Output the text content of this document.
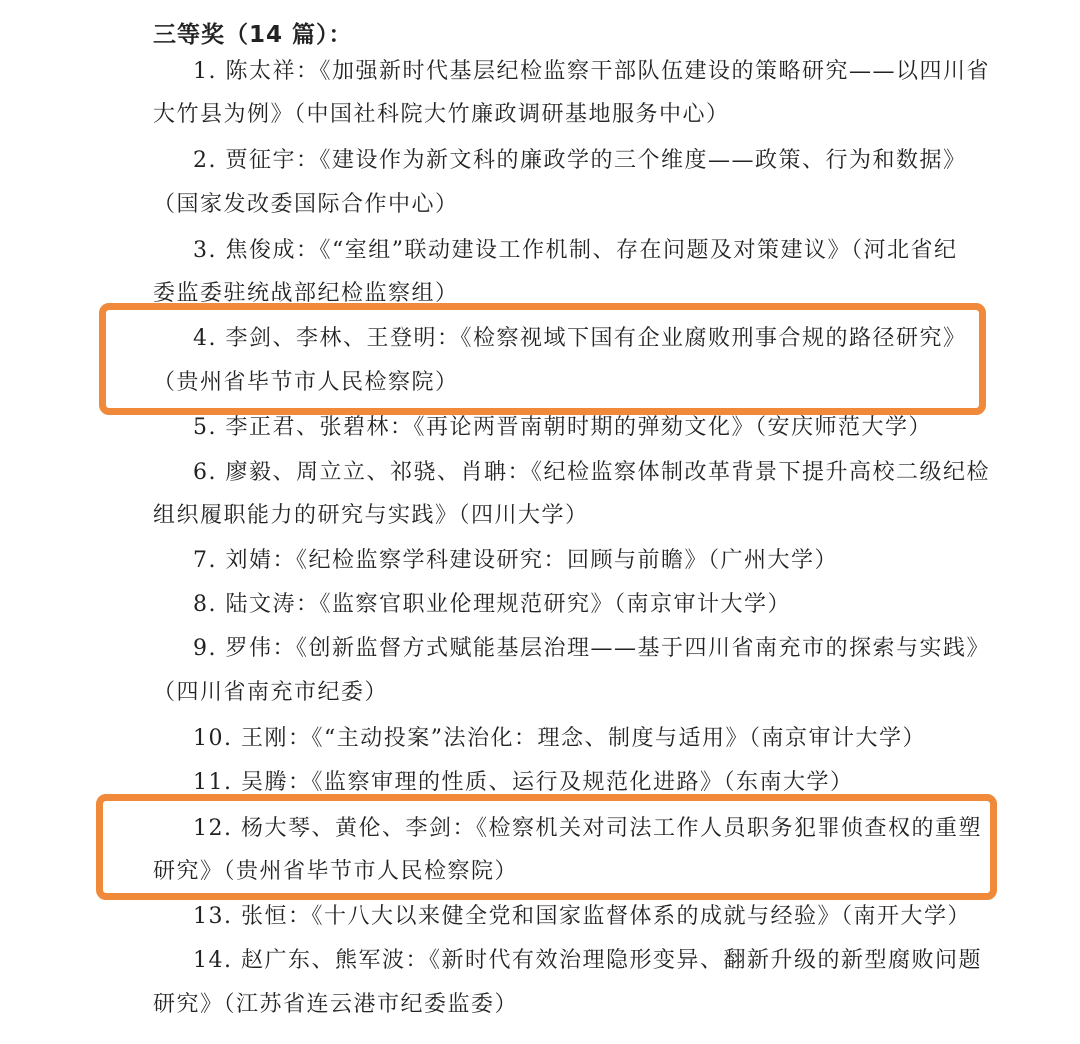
三等奖（14 篇）：
1. 陈太祥：《加强新时代基层纪检监察干部队伍建设的策略研究——以四川省
大竹县为例》（中国社科院大竹廉政调研基地服务中心）
2. 贾征宇：《建设作为新文科的廉政学的三个维度——政策、行为和数据》
（国家发改委国际合作中心）
3. 焦俊成：《“室组”联动建设工作机制、存在问题及对策建议》（河北省纪
委监委驻统战部纪检监察组）
4. 李剑、李林、王登明：《检察视域下国有企业腐败刑事合规的路径研究》
（贵州省毕节市人民检察院）
5. 李正君、张碧林：《再论两晋南朝时期的弹劾文化》（安庆师范大学）
6. 廖毅、周立立、祁骁、肖聃：《纪检监察体制改革背景下提升高校二级纪检
组织履职能力的研究与实践》（四川大学）
7. 刘婧：《纪检监察学科建设研究：回顾与前瞻》（广州大学）
8. 陆文涛：《监察官职业伦理规范研究》（南京审计大学）
9. 罗伟：《创新监督方式赋能基层治理——基于四川省南充市的探索与实践》
（四川省南充市纪委）
10. 王刚：《“主动投案”法治化：理念、制度与适用》（南京审计大学）
11. 吴腾：《监察审理的性质、运行及规范化进路》（东南大学）
12. 杨大琴、黄伦、李剑：《检察机关对司法工作人员职务犯罪侦查权的重塑
研究》（贵州省毕节市人民检察院）
13. 张恒：《十八大以来健全党和国家监督体系的成就与经验》（南开大学）
14. 赵广东、熊军波：《新时代有效治理隐形变异、翻新升级的新型腐败问题
研究》（江苏省连云港市纪委监委）
